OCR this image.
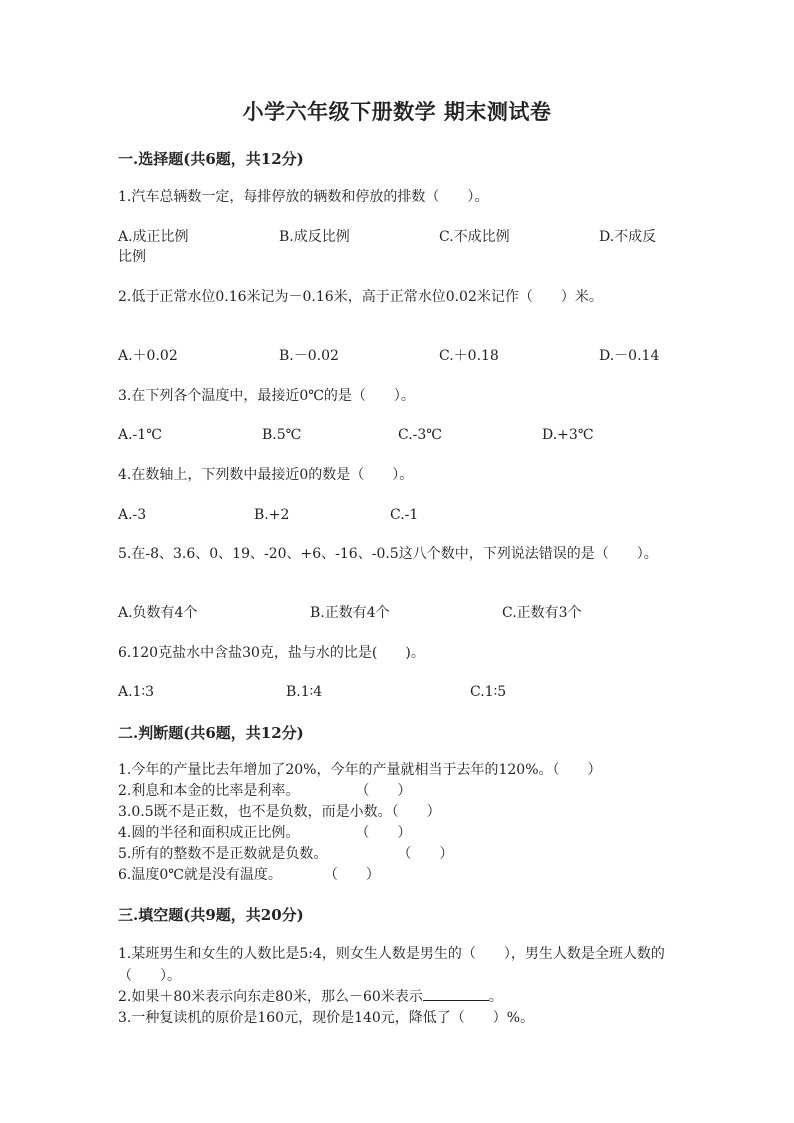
小学六年级下册数学 期末测试卷
一.选择题(共6题，共12分)
1.汽车总辆数一定，每排停放的辆数和停放的排数（　　）。
A.成正比例	B.成反比例	C.不成比例	D.不成反
比例
2.低于正常水位0.16米记为－0.16米，高于正常水位0.02米记作（　　）米。
A.＋0.02	B.－0.02	C.＋0.18	D.－0.14
3.在下列各个温度中，最接近0℃的是（　　）。
A.-1℃	B.5℃	C.-3℃	D.+3℃
4.在数轴上，下列数中最接近0的数是（　　）。
A.-3	B.+2	C.-1
5.在-8、3.6、0、19、-20、+6、-16、-0.5这八个数中，下列说法错误的是（　　）。
A.负数有4个	B.正数有4个	C.正数有3个
6.120克盐水中含盐30克，盐与水的比是(　　)。
A.1∶3	B.1∶4	C.1∶5
二.判断题(共6题，共12分)
1.今年的产量比去年增加了20%，今年的产量就相当于去年的120%。（　　）
2.利息和本金的比率是利率。　　　　　（　　）
3.0.5既不是正数，也不是负数，而是小数。（　　）
4.圆的半径和面积成正比例。　　　　　（　　）
5.所有的整数不是正数就是负数。　　　　　　（　　）
6.温度0℃就是没有温度。　　　　（　　）
三.填空题(共9题，共20分)
1.某班男生和女生的人数比是5:4，则女生人数是男生的（　　），男生人数是全班人数的（　　）。
2.如果＋80米表示向东走80米，那么－60米表示	。
3.一种复读机的原价是160元，现价是140元，降低了（　　）%。
